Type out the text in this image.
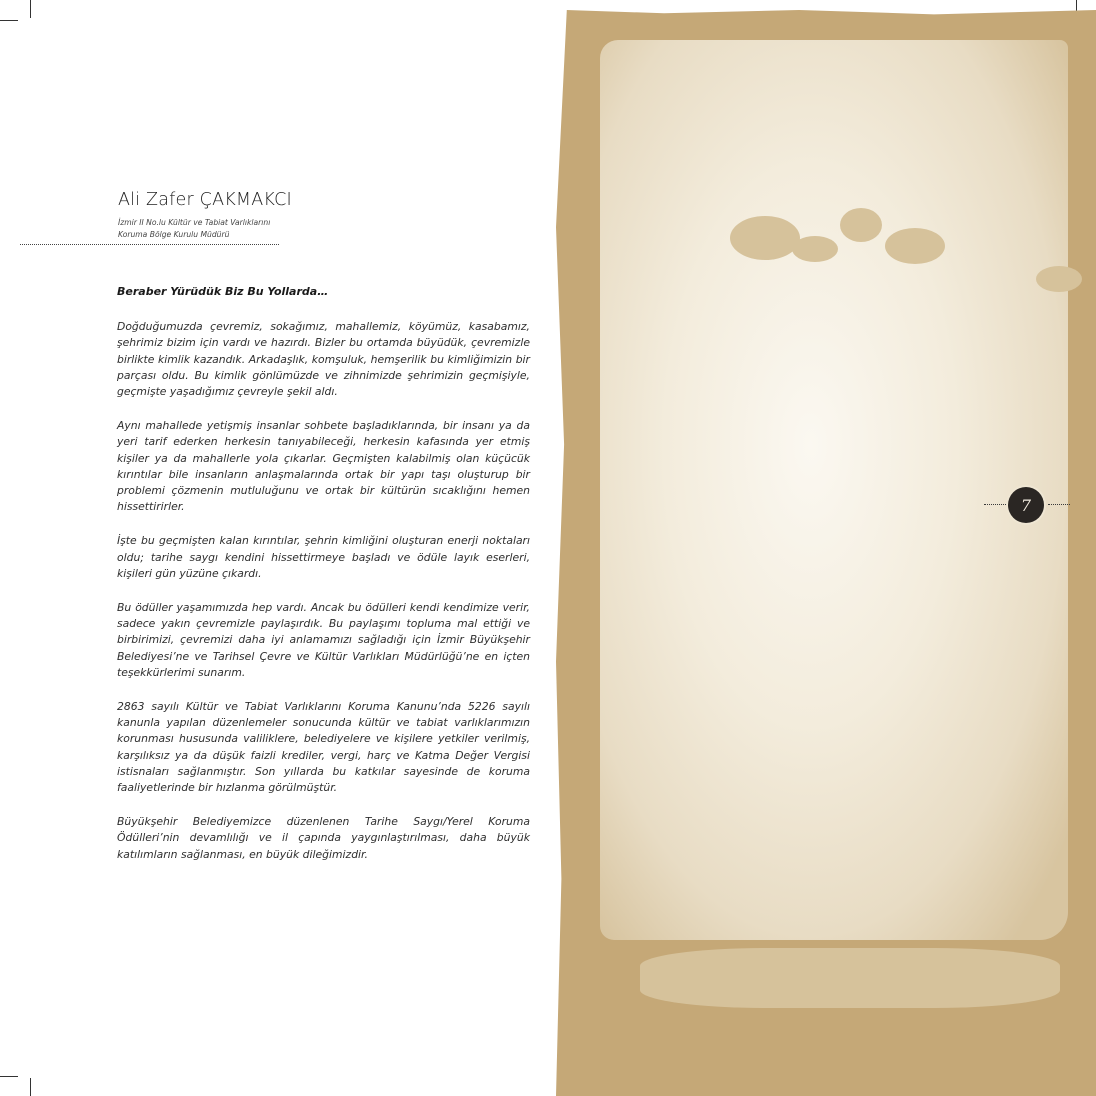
Ali Zafer ÇAKMAKCI
İzmir II No.lu Kültür ve Tabiat Varlıklarını
Koruma Bölge Kurulu Müdürü
Beraber Yürüdük Biz Bu Yollarda…

Doğduğumuzda çevremiz, sokağımız, mahallemiz, köyümüz, kasabamız, şehrimiz bizim için vardı ve hazırdı. Bizler bu ortamda büyüdük, çevremizle birlikte kimlik kazandık. Arkadaşlık, komşuluk, hemşerilik bu kimliğimizin bir parçası oldu. Bu kimlik gönlümüzde ve zihnimizde şehrimizin geçmişiyle, geçmişte yaşadığımız çevreyle şekil aldı.

Aynı mahallede yetişmiş insanlar sohbete başladıklarında, bir insanı ya da yeri tarif ederken herkesin tanıyabileceği, herkesin kafasında yer etmiş kişiler ya da mahallerle yola çıkarlar. Geçmişten kalabilmiş olan küçücük kırıntılar bile insanların anlaşmalarında ortak bir yapı taşı oluşturup bir problemi çözmenin mutluluğunu ve ortak bir kültürün sıcaklığını hemen hissettirirler.

İşte bu geçmişten kalan kırıntılar, şehrin kimliğini oluşturan enerji noktaları oldu; tarihe saygı kendini hissettirmeye başladı ve ödüle layık eserleri, kişileri gün yüzüne çıkardı.

Bu ödüller yaşamımızda hep vardı. Ancak bu ödülleri kendi kendimize verir, sadece yakın çevremizle paylaşırdık. Bu paylaşımı topluma mal ettiği ve birbirimizi, çevremizi daha iyi anlamamızı sağladığı için İzmir Büyükşehir Belediyesi’ne ve Tarihsel Çevre ve Kültür Varlıkları Müdürlüğü’ne en içten teşekkürlerimi sunarım.

2863 sayılı Kültür ve Tabiat Varlıklarını Koruma Kanunu’nda 5226 sayılı kanunla yapılan düzenlemeler sonucunda kültür ve tabiat varlıklarımızın korunması hususunda valiliklere, belediyelere ve kişilere yetkiler verilmiş, karşılıksız ya da düşük faizli krediler, vergi, harç ve Katma Değer Vergisi istisnaları sağlanmıştır. Son yıllarda bu katkılar sayesinde de koruma faaliyetlerinde bir hızlanma görülmüştür.

Büyükşehir Belediyemizce düzenlenen Tarihe Saygı/Yerel Koruma Ödülleri’nin devamlılığı ve il çapında yaygınlaştırılması, daha büyük katılımların sağlanması, en büyük dileğimizdir.

7
